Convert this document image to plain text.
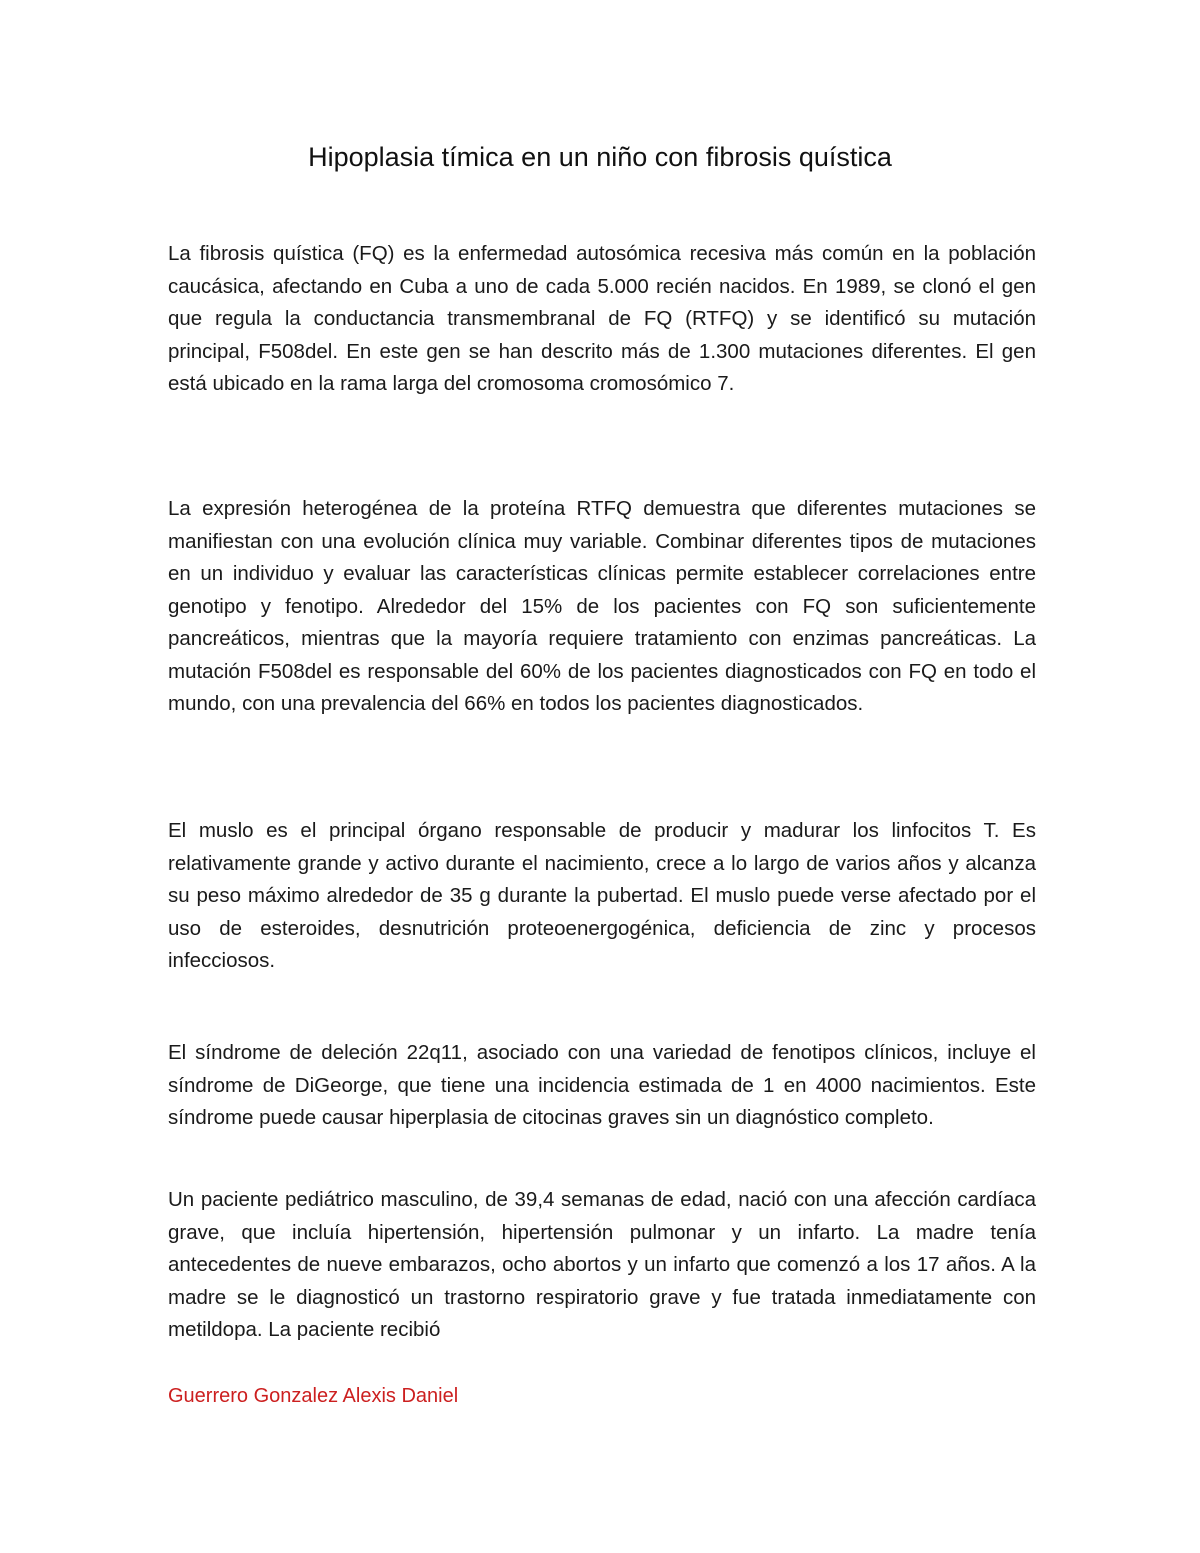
Hipoplasia tímica en un niño con fibrosis quística

La fibrosis quística (FQ) es la enfermedad autosómica recesiva más común en la población caucásica, afectando en Cuba a uno de cada 5.000 recién nacidos. En 1989, se clonó el gen que regula la conductancia transmembranal de FQ (RTFQ) y se identificó su mutación principal, F508del. En este gen se han descrito más de 1.300 mutaciones diferentes. El gen está ubicado en la rama larga del cromosoma cromosómico 7.

La expresión heterogénea de la proteína RTFQ demuestra que diferentes mutaciones se manifiestan con una evolución clínica muy variable. Combinar diferentes tipos de mutaciones en un individuo y evaluar las características clínicas permite establecer correlaciones entre genotipo y fenotipo. Alrededor del 15% de los pacientes con FQ son suficientemente pancreáticos, mientras que la mayoría requiere tratamiento con enzimas pancreáticas. La mutación F508del es responsable del 60% de los pacientes diagnosticados con FQ en todo el mundo, con una prevalencia del 66% en todos los pacientes diagnosticados.

El muslo es el principal órgano responsable de producir y madurar los linfocitos T. Es relativamente grande y activo durante el nacimiento, crece a lo largo de varios años y alcanza su peso máximo alrededor de 35 g durante la pubertad. El muslo puede verse afectado por el uso de esteroides, desnutrición proteoenergogénica, deficiencia de zinc y procesos infecciosos.

El síndrome de deleción 22q11, asociado con una variedad de fenotipos clínicos, incluye el síndrome de DiGeorge, que tiene una incidencia estimada de 1 en 4000 nacimientos. Este síndrome puede causar hiperplasia de citocinas graves sin un diagnóstico completo.

Un paciente pediátrico masculino, de 39,4 semanas de edad, nació con una afección cardíaca grave, que incluía hipertensión, hipertensión pulmonar y un infarto. La madre tenía antecedentes de nueve embarazos, ocho abortos y un infarto que comenzó a los 17 años. A la madre se le diagnosticó un trastorno respiratorio grave y fue tratada inmediatamente con metildopa. La paciente recibió

Guerrero Gonzalez Alexis Daniel
